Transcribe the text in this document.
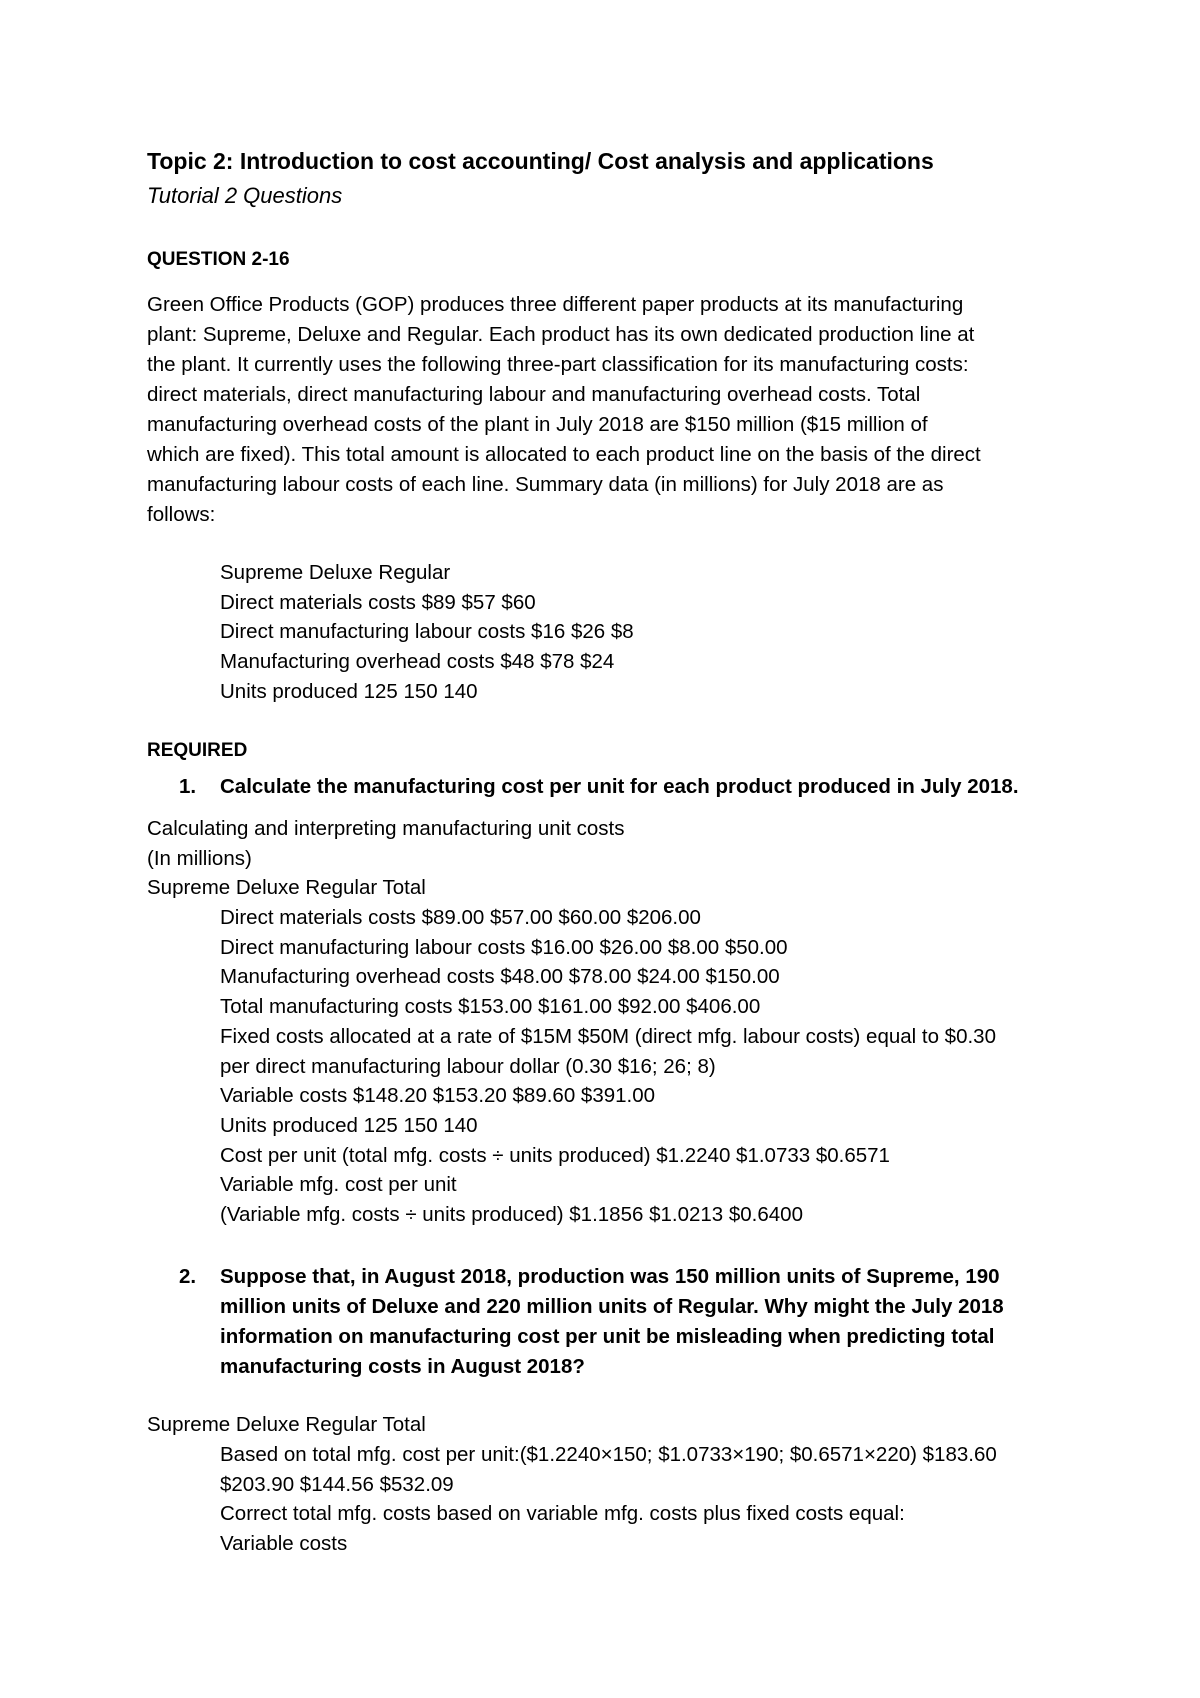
Topic 2: Introduction to cost accounting/ Cost analysis and applications
Tutorial 2 Questions
QUESTION 2-16
Green Office Products (GOP) produces three different paper products at its manufacturing
plant: Supreme, Deluxe and Regular. Each product has its own dedicated production line at
the plant. It currently uses the following three-part classification for its manufacturing costs:
direct materials, direct manufacturing labour and manufacturing overhead costs. Total
manufacturing overhead costs of the plant in July 2018 are $150 million ($15 million of
which are fixed). This total amount is allocated to each product line on the basis of the direct
manufacturing labour costs of each line. Summary data (in millions) for July 2018 are as
follows:
Supreme Deluxe Regular
Direct materials costs $89 $57 $60
Direct manufacturing labour costs $16 $26 $8
Manufacturing overhead costs $48 $78 $24
Units produced 125 150 140
REQUIRED
1. Calculate the manufacturing cost per unit for each product produced in July 2018.
Calculating and interpreting manufacturing unit costs
(In millions)
Supreme Deluxe Regular Total
Direct materials costs $89.00 $57.00 $60.00 $206.00
Direct manufacturing labour costs $16.00 $26.00 $8.00 $50.00
Manufacturing overhead costs $48.00 $78.00 $24.00 $150.00
Total manufacturing costs $153.00 $161.00 $92.00 $406.00
Fixed costs allocated at a rate of $15M $50M (direct mfg. labour costs) equal to $0.30
per direct manufacturing labour dollar (0.30 $16; 26; 8)
Variable costs $148.20 $153.20 $89.60 $391.00
Units produced 125 150 140
Cost per unit (total mfg. costs ÷ units produced) $1.2240 $1.0733 $0.6571
Variable mfg. cost per unit
(Variable mfg. costs ÷ units produced) $1.1856 $1.0213 $0.6400
2. Suppose that, in August 2018, production was 150 million units of Supreme, 190
million units of Deluxe and 220 million units of Regular. Why might the July 2018
information on manufacturing cost per unit be misleading when predicting total
manufacturing costs in August 2018?
Supreme Deluxe Regular Total
Based on total mfg. cost per unit:($1.2240×150; $1.0733×190; $0.6571×220) $183.60
$203.90 $144.56 $532.09
Correct total mfg. costs based on variable mfg. costs plus fixed costs equal:
Variable costs
